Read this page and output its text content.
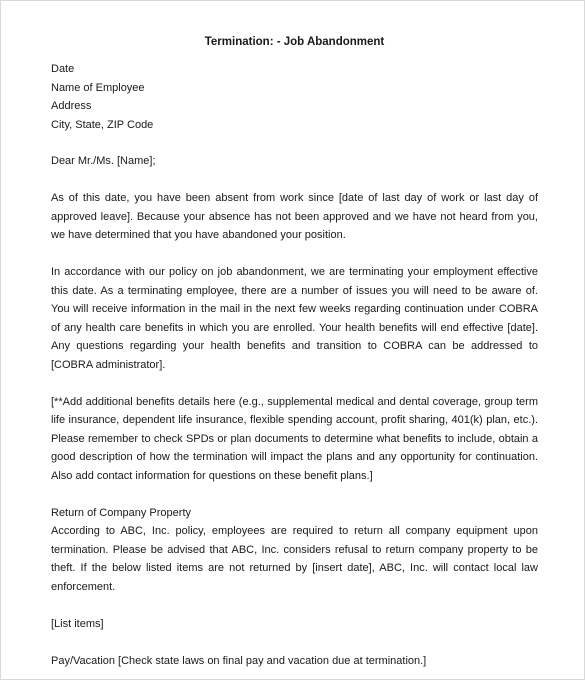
Termination: - Job Abandonment
Date
Name of Employee
Address
City, State, ZIP Code
Dear Mr./Ms. [Name];

As of this date, you have been absent from work since [date of last day of work or last day of approved leave]. Because your absence has not been approved and we have not heard from you, we have determined that you have abandoned your position.

In accordance with our policy on job abandonment, we are terminating your employment effective this date. As a terminating employee, there are a number of issues you will need to be aware of. You will receive information in the mail in the next few weeks regarding continuation under COBRA of any health care benefits in which you are enrolled. Your health benefits will end effective [date]. Any questions regarding your health benefits and transition to COBRA can be addressed to [COBRA administrator].

[**Add additional benefits details here (e.g., supplemental medical and dental coverage, group term life insurance, dependent life insurance, flexible spending account, profit sharing, 401(k) plan, etc.). Please remember to check SPDs or plan documents to determine what benefits to include, obtain a good description of how the termination will impact the plans and any opportunity for continuation. Also add contact information for questions on these benefit plans.]

Return of Company Property

According to ABC, Inc. policy, employees are required to return all company equipment upon termination. Please be advised that ABC, Inc. considers refusal to return company property to be theft. If the below listed items are not returned by [insert date], ABC, Inc. will contact local law enforcement.

[List items]
Pay/Vacation [Check state laws on final pay and vacation due at termination.]
